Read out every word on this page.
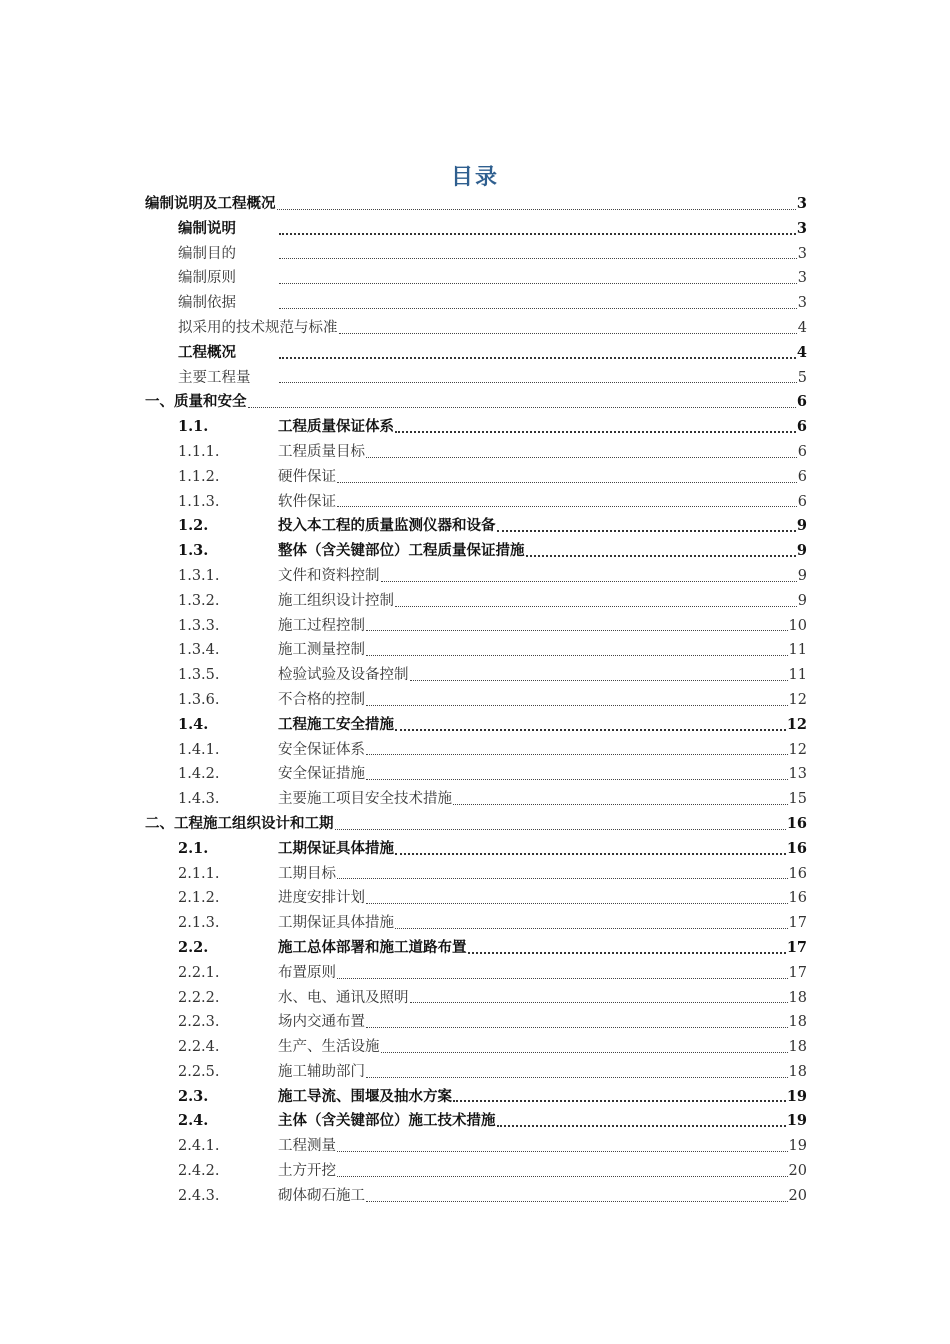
目录
编制说明及工程概况	3
编制说明	3
编制目的	3
编制原则	3
编制依据	3
拟采用的技术规范与标准	4
工程概况	4
主要工程量	5
一、质量和安全	6
1.1.	工程质量保证体系	6
1.1.1.	工程质量目标	6
1.1.2.	硬件保证	6
1.1.3.	软件保证	6
1.2.	投入本工程的质量监测仪器和设备	9
1.3.	整体（含关键部位）工程质量保证措施	9
1.3.1.	文件和资料控制	9
1.3.2.	施工组织设计控制	9
1.3.3.	施工过程控制	10
1.3.4.	施工测量控制	11
1.3.5.	检验试验及设备控制	11
1.3.6.	不合格的控制	12
1.4.	工程施工安全措施	12
1.4.1.	安全保证体系	12
1.4.2.	安全保证措施	13
1.4.3.	主要施工项目安全技术措施	15
二、工程施工组织设计和工期	16
2.1.	工期保证具体措施	16
2.1.1.	工期目标	16
2.1.2.	进度安排计划	16
2.1.3.	工期保证具体措施	17
2.2.	施工总体部署和施工道路布置	17
2.2.1.	布置原则	17
2.2.2.	水、电、通讯及照明	18
2.2.3.	场内交通布置	18
2.2.4.	生产、生活设施	18
2.2.5.	施工辅助部门	18
2.3.	施工导流、围堰及抽水方案	19
2.4.	主体（含关键部位）施工技术措施	19
2.4.1.	工程测量	19
2.4.2.	土方开挖	20
2.4.3.	砌体砌石施工	20
